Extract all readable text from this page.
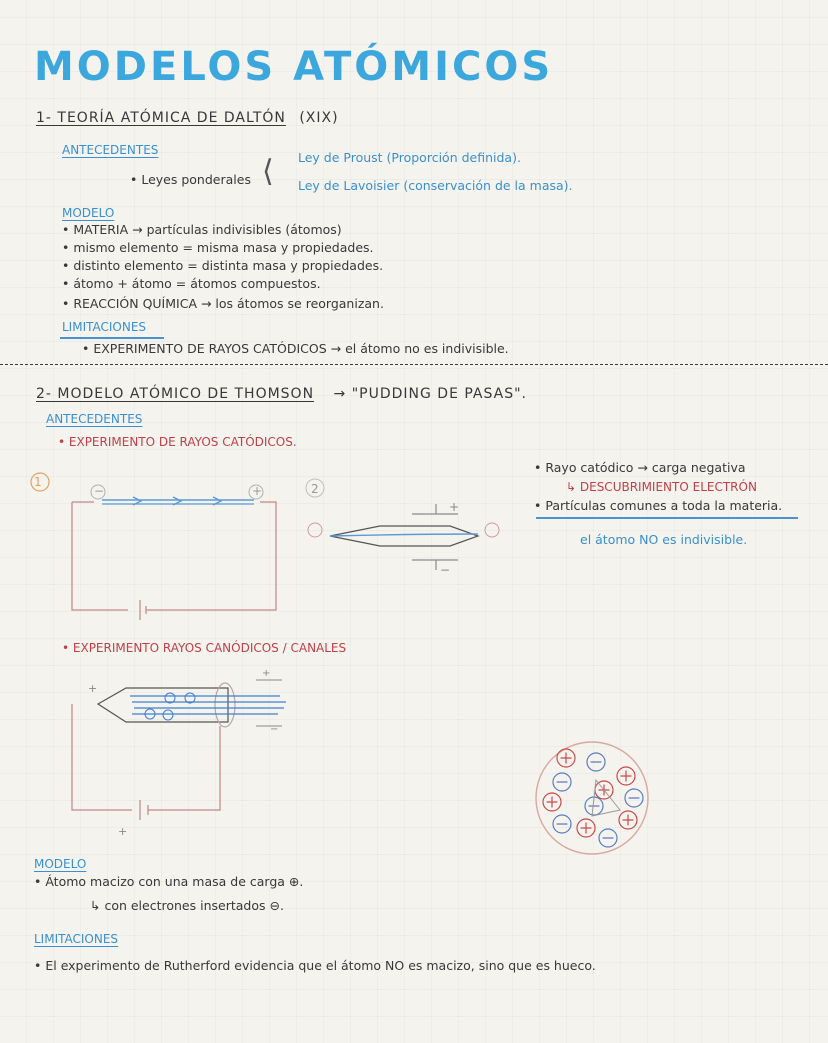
MODELOS ATÓMICOS
1- TEORÍA ATÓMICA DE DALTÓN (XIX)
ANTECEDENTES
• Leyes ponderales ⟨ Ley de Proust (Proporción definida).
Ley de Lavoisier (conservación de la masa).
MODELO
• MATERIA → partículas indivisibles (átomos)
• mismo elemento = misma masa y propiedades.
• distinto elemento = distinta masa y propiedades.
• átomo + átomo = átomos compuestos.
• REACCIÓN QUÍMICA → los átomos se reorganizan.
LIMITACIONES
• EXPERIMENTO DE RAYOS CATÓDICOS → el átomo no es indivisible.
2- MODELO ATÓMICO DE THOMSON → "PUDDING DE PASAS".
ANTECEDENTES
• EXPERIMENTO DE RAYOS CATÓDICOS.
1
−	+	2
+
−
• Rayo catódico → carga negativa
↳ DESCUBRIMIENTO ELECTRÓN
• Partículas comunes a toda la materia.
el átomo NO es indivisible.
• EXPERIMENTO RAYOS CANÓDICOS / CANALES
+
+
−
+
MODELO
• Átomo macizo con una masa de carga ⊕.
↳ con electrones insertados ⊖.
LIMITACIONES
• El experimento de Rutherford evidencia que el átomo NO es macizo, sino que es hueco.
